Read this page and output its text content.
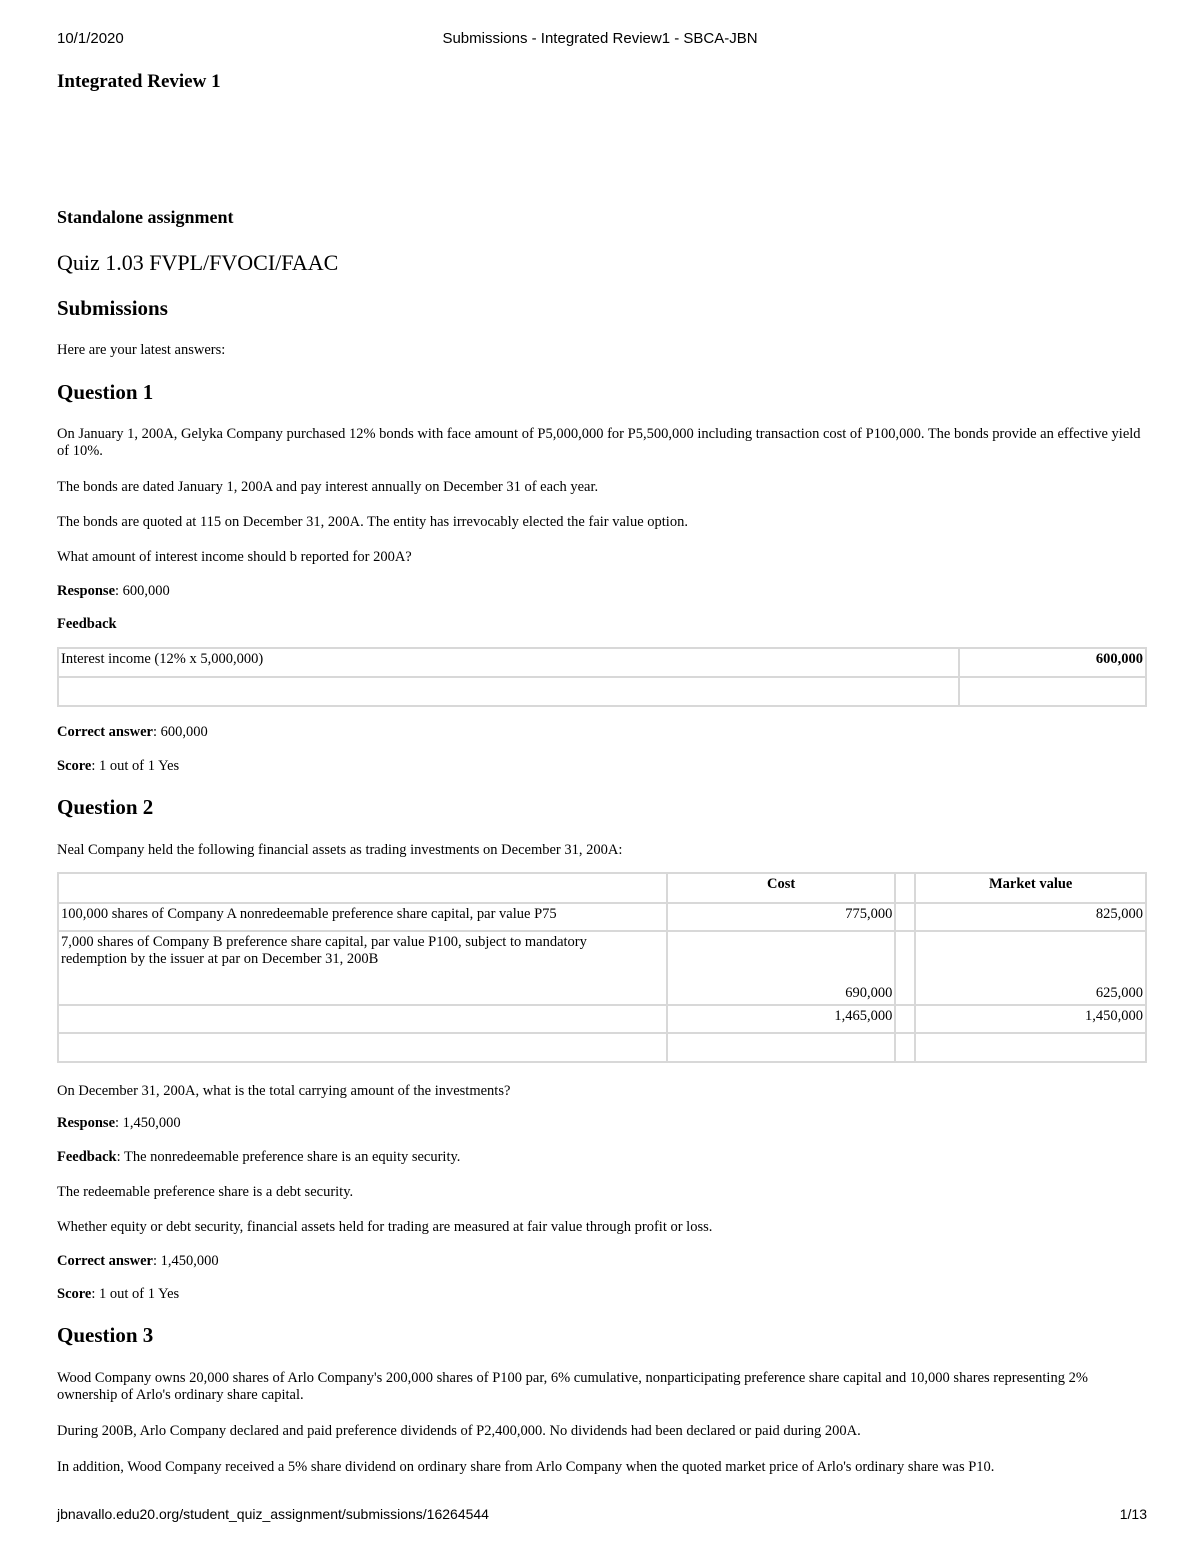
10/1/2020	Submissions - Integrated Review1 - SBCA-JBN
Integrated Review 1
Standalone assignment
Quiz 1.03 FVPL/FVOCI/FAAC
Submissions
Here are your latest answers:
Question 1
On January 1, 200A, Gelyka Company purchased 12% bonds with face amount of P5,000,000 for P5,500,000 including transaction cost of P100,000. The bonds provide an effective yield of 10%.
The bonds are dated January 1, 200A and pay interest annually on December 31 of each year.
The bonds are quoted at 115 on December 31, 200A. The entity has irrevocably elected the fair value option.
What amount of interest income should b reported for 200A?
Response: 600,000
Feedback
Interest income (12% x 5,000,000)	600,000

Correct answer: 600,000
Score: 1 out of 1 Yes
Question 2
Neal Company held the following financial assets as trading investments on December 31, 200A:
	Cost		Market value
100,000 shares of Company A nonredeemable preference share capital, par value P75	775,000		825,000
7,000 shares of Company B preference share capital, par value P100, subject to mandatory redemption by the issuer at par on December 31, 200B	690,000		625,000
	1,465,000		1,450,000

On December 31, 200A, what is the total carrying amount of the investments?
Response: 1,450,000
Feedback: The nonredeemable preference share is an equity security.
The redeemable preference share is a debt security.
Whether equity or debt security, financial assets held for trading are measured at fair value through profit or loss.
Correct answer: 1,450,000
Score: 1 out of 1 Yes
Question 3
Wood Company owns 20,000 shares of Arlo Company's 200,000 shares of P100 par, 6% cumulative, nonparticipating preference share capital and 10,000 shares representing 2% ownership of Arlo's ordinary share capital.
During 200B, Arlo Company declared and paid preference dividends of P2,400,000. No dividends had been declared or paid during 200A.
In addition, Wood Company received a 5% share dividend on ordinary share from Arlo Company when the quoted market price of Arlo's ordinary share was P10.
jbnavallo.edu20.org/student_quiz_assignment/submissions/16264544	1/13
